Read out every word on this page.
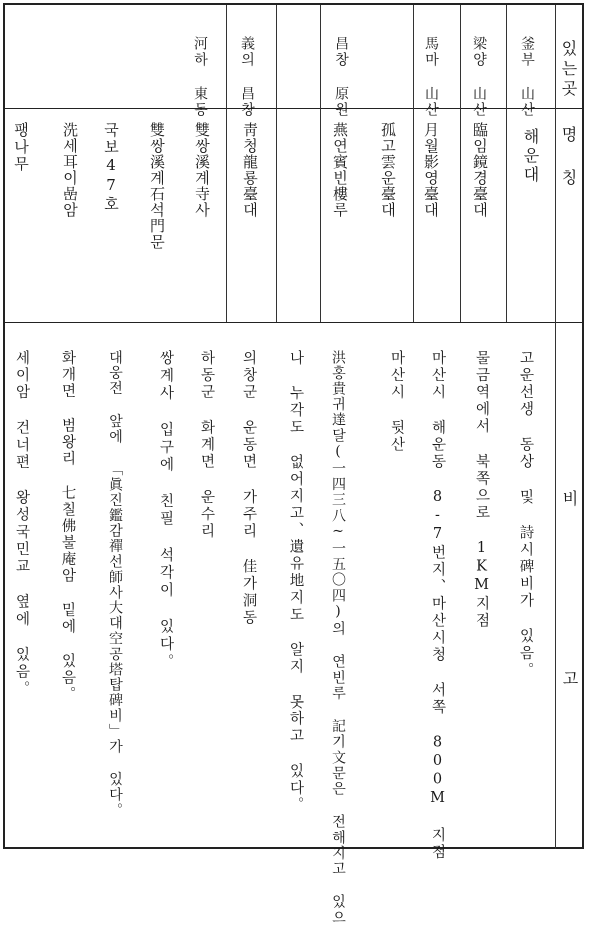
있는곳
명 칭
비
고
釜부 山산
해운대
고운선생 동상 및 詩시碑비가 있음。
梁양 山산
臨임鏡경臺대
물금역에서 북쪽으로 1KM지점
馬마 山산
月월影영臺대
마산시 해운동 8-7번지、마산시청 서쪽 800M 지점
孤고雲운臺대
마산시 뒷산
昌창 原원
燕연賓빈樓루
洪홍貴귀達달(一四三八~一五〇四)의 연빈루 記기文문은 전해지고 있으
나 누각도 없어지고、遺유地지도 알지 못하고 있다。
義의 昌창
靑청龍룡臺대
의창군 운동면 가주리 佳가洞동
河하 東동
雙쌍溪계寺사
하동군 화계면 운수리
雙쌍溪계石석門문
쌍계사 입구에 친필 석각이 있다。
국보47호
대웅전 앞에 「眞진鑑감禪선師사大대空공塔탑碑비」가 있다。
洗세耳이嵒암
화개면 범왕리 七칠佛불庵암 밑에 있음。
팽나무
세이암 건너편 왕성국민교 옆에 있음。
